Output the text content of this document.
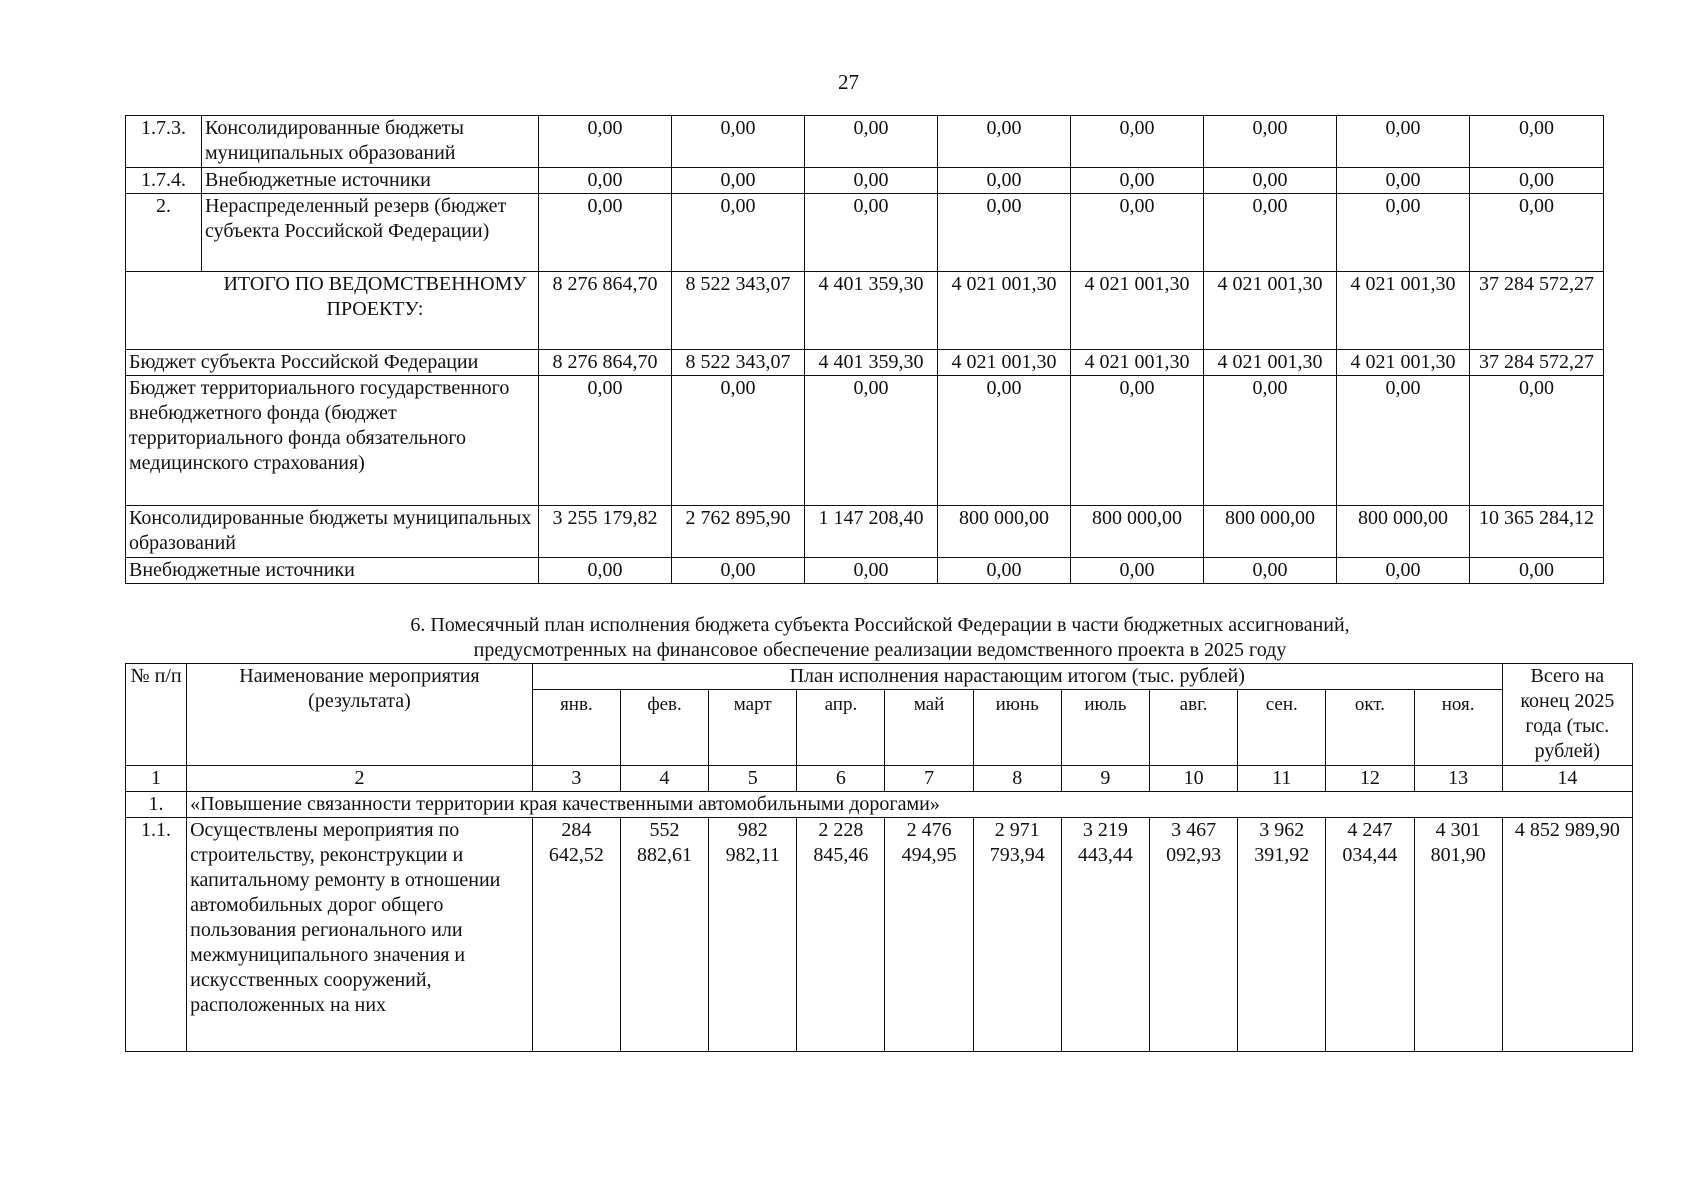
27
1.7.3.	Консолидированные бюджеты муниципальных образований	0,00	0,00	0,00	0,00	0,00	0,00	0,00	0,00
1.7.4.	Внебюджетные источники	0,00	0,00	0,00	0,00	0,00	0,00	0,00	0,00
2.	Нераспределенный резерв (бюджет субъекта Российской Федерации)	0,00	0,00	0,00	0,00	0,00	0,00	0,00	0,00
ИТОГО ПО ВЕДОМСТВЕННОМУ ПРОЕКТУ:		8 276 864,70	8 522 343,07	4 401 359,30	4 021 001,30	4 021 001,30	4 021 001,30	4 021 001,30	37 284 572,27
Бюджет субъекта Российской Федерации		8 276 864,70	8 522 343,07	4 401 359,30	4 021 001,30	4 021 001,30	4 021 001,30	4 021 001,30	37 284 572,27
Бюджет территориального государственного внебюджетного фонда (бюджет территориального фонда обязательного медицинского страхования)		0,00	0,00	0,00	0,00	0,00	0,00	0,00	0,00
Консолидированные бюджеты муниципальных образований		3 255 179,82	2 762 895,90	1 147 208,40	800 000,00	800 000,00	800 000,00	800 000,00	10 365 284,12
Внебюджетные источники		0,00	0,00	0,00	0,00	0,00	0,00	0,00	0,00
6. Помесячный план исполнения бюджета субъекта Российской Федерации в части бюджетных ассигнований,
предусмотренных на финансовое обеспечение реализации ведомственного проекта в 2025 году
№ п/п	Наименование мероприятия (результата)	План исполнения нарастающим итогом (тыс. рублей)											Всего на конец 2025 года (тыс. рублей)
		янв.	фев.	март	апр.	май	июнь	июль	авг.	сен.	окт.	ноя.	
1	2	3	4	5	6	7	8	9	10	11	12	13	14
1.	«Повышение связанности территории края качественными автомобильными дорогами»												
1.1.	Осуществлены мероприятия по строительству, реконструкции и капитальному ремонту в отношении автомобильных дорог общего пользования регионального или межмуниципального значения и искусственных сооружений, расположенных на них	284 642,52	552 882,61	982 982,11	2 228 845,46	2 476 494,95	2 971 793,94	3 219 443,44	3 467 092,93	3 962 391,92	4 247 034,44	4 301 801,90	4 852 989,90
